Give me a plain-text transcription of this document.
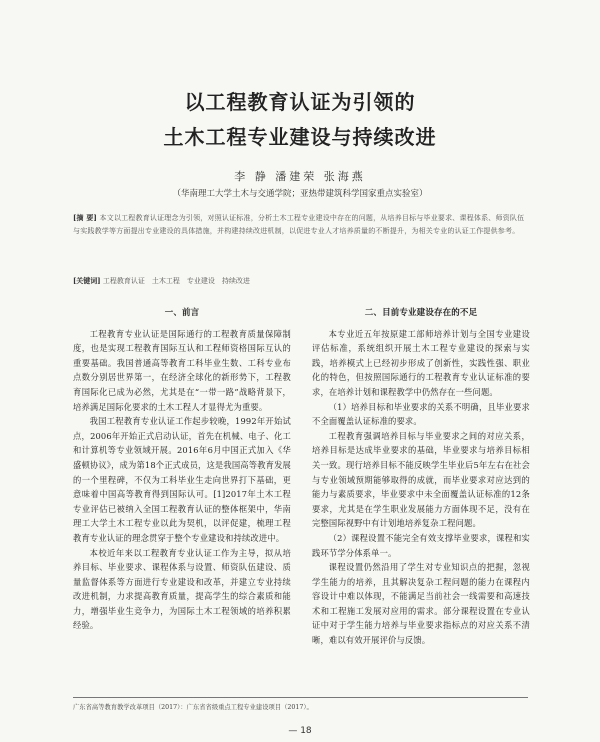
以工程教育认证为引领的
土木工程专业建设与持续改进
李 静 潘建荣 张海燕
（华南理工大学土木与交通学院；亚热带建筑科学国家重点实验室）
[摘 要] 本文以工程教育认证理念为引领，对照认证标准，分析土木工程专业建设中存在的问题，从培养目标与毕业要求、课程体系、师资队伍与实践教学等方面提出专业建设的具体措施，并构建持续改进机制，以促进专业人才培养质量的不断提升，为相关专业的认证工作提供参考。
[关键词] 工程教育认证　土木工程　专业建设　持续改进
一、前言

工程教育专业认证是国际通行的工程教育质量保障制度，也是实现工程教育国际互认和工程师资格国际互认的重要基础。我国普通高等教育工科毕业生数、工科专业布点数分别居世界第一，在经济全球化的新形势下，工程教育国际化已成为必然，尤其是在“一带一路”战略背景下，培养满足国际化要求的土木工程人才显得尤为重要。

我国工程教育专业认证工作起步较晚，1992年开始试点，2006年开始正式启动认证，首先在机械、电子、化工和计算机等专业领域开展。2016年6月中国正式加入《华盛顿协议》，成为第18个正式成员，这是我国高等教育发展的一个里程碑，不仅为工科毕业生走向世界打下基础，更意味着中国高等教育得到国际认可。[1]2017年土木工程专业评估已被纳入全国工程教育认证的整体框架中，华南理工大学土木工程专业以此为契机，以评促建，梳理工程教育专业认证的理念贯穿于整个专业建设和持续改进中。

本校近年来以工程教育专业认证工作为主导，拟从培养目标、毕业要求、课程体系与设置、师资队伍建设、质量监督体系等方面进行专业建设和改革，并建立专业持续改进机制，力求提高教育质量，提高学生的综合素质和能力，增强毕业生竞争力，为国际土木工程领域的培养积累经验。

二、目前专业建设存在的不足

本专业近五年按原建工部师培养计划与全国专业建设评估标准，系统组织开展土木工程专业建设的探索与实践，培养模式上已经初步形成了创新性，实践性强、职业化的特色，但按照国际通行的工程教育专业认证标准的要求，在培养计划和课程教学中仍然存在一些问题。

（1）培养目标和毕业要求的关系不明确，且毕业要求不全面覆盖认证标准的要求。

工程教育强调培养目标与毕业要求之间的对应关系，培养目标是达成毕业要求的基础，毕业要求与培养目标相关一致。现行培养目标不能反映学生毕业后5年左右在社会与专业领域预期能够取得的成就，而毕业要求对应达到的能力与素质要求，毕业要求中未全面覆盖认证标准的12条要求，尤其是在学生职业发展能力方面体现不足，没有在完整国际视野中有计划地培养复杂工程问题。

（2）课程设置不能完全有效支撑毕业要求，课程和实践环节学分体系单一。

课程设置仍然沿用了学生对专业知识点的把握，忽视学生能力的培养，且其解决复杂工程问题的能力在课程内容设计中难以体现，不能满足当前社会一线需要和高速技术和工程施工发展对应用的需求。部分课程设置在专业认证中对于学生能力培养与毕业要求指标点的对应关系不清晰，难以有效开展评价与反馈。

广东省高等教育教学改革项目（2017）：广东省省级重点工程专业建设项目（2017）。
— 18
